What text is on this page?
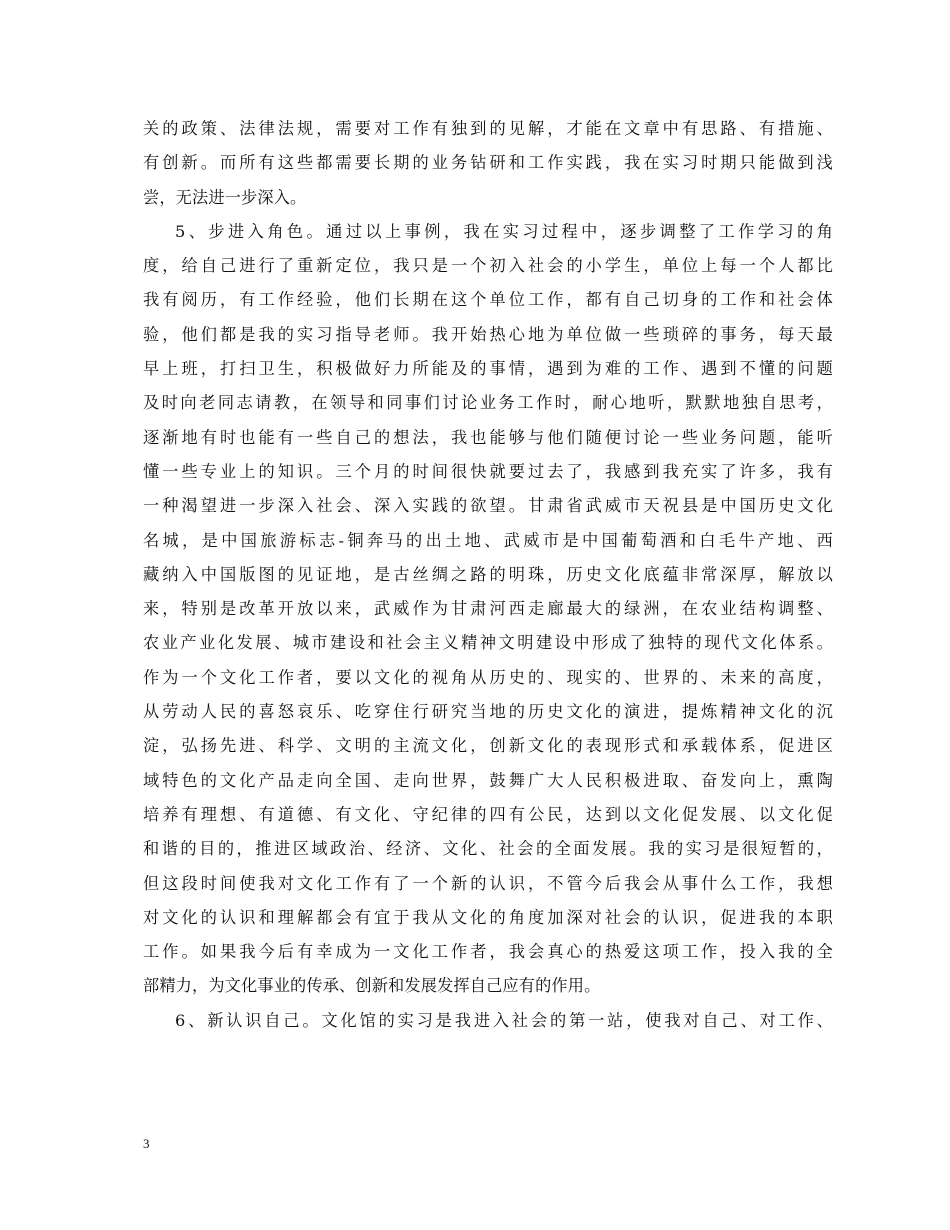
关的政策、法律法规，需要对工作有独到的见解，才能在文章中有思路、有措施、
有创新。而所有这些都需要长期的业务钻研和工作实践，我在实习时期只能做到浅
尝，无法进一步深入。
5、步进入角色。通过以上事例，我在实习过程中，逐步调整了工作学习的角
度，给自己进行了重新定位，我只是一个初入社会的小学生，单位上每一个人都比
我有阅历，有工作经验，他们长期在这个单位工作，都有自己切身的工作和社会体
验，他们都是我的实习指导老师。我开始热心地为单位做一些琐碎的事务，每天最
早上班，打扫卫生，积极做好力所能及的事情，遇到为难的工作、遇到不懂的问题
及时向老同志请教，在领导和同事们讨论业务工作时，耐心地听，默默地独自思考，
逐渐地有时也能有一些自己的想法，我也能够与他们随便讨论一些业务问题，能听
懂一些专业上的知识。三个月的时间很快就要过去了，我感到我充实了许多，我有
一种渴望进一步深入社会、深入实践的欲望。甘肃省武威市天祝县是中国历史文化
名城，是中国旅游标志-铜奔马的出土地、武威市是中国葡萄酒和白毛牛产地、西
藏纳入中国版图的见证地，是古丝绸之路的明珠，历史文化底蕴非常深厚，解放以
来，特别是改革开放以来，武威作为甘肃河西走廊最大的绿洲，在农业结构调整、
农业产业化发展、城市建设和社会主义精神文明建设中形成了独特的现代文化体系。
作为一个文化工作者，要以文化的视角从历史的、现实的、世界的、未来的高度，
从劳动人民的喜怒哀乐、吃穿住行研究当地的历史文化的演进，提炼精神文化的沉
淀，弘扬先进、科学、文明的主流文化，创新文化的表现形式和承载体系，促进区
域特色的文化产品走向全国、走向世界，鼓舞广大人民积极进取、奋发向上，熏陶
培养有理想、有道德、有文化、守纪律的四有公民，达到以文化促发展、以文化促
和谐的目的，推进区域政治、经济、文化、社会的全面发展。我的实习是很短暂的，
但这段时间使我对文化工作有了一个新的认识，不管今后我会从事什么工作，我想
对文化的认识和理解都会有宜于我从文化的角度加深对社会的认识，促进我的本职
工作。如果我今后有幸成为一文化工作者，我会真心的热爱这项工作，投入我的全
部精力，为文化事业的传承、创新和发展发挥自己应有的作用。
6、新认识自己。文化馆的实习是我进入社会的第一站，使我对自己、对工作、
3
